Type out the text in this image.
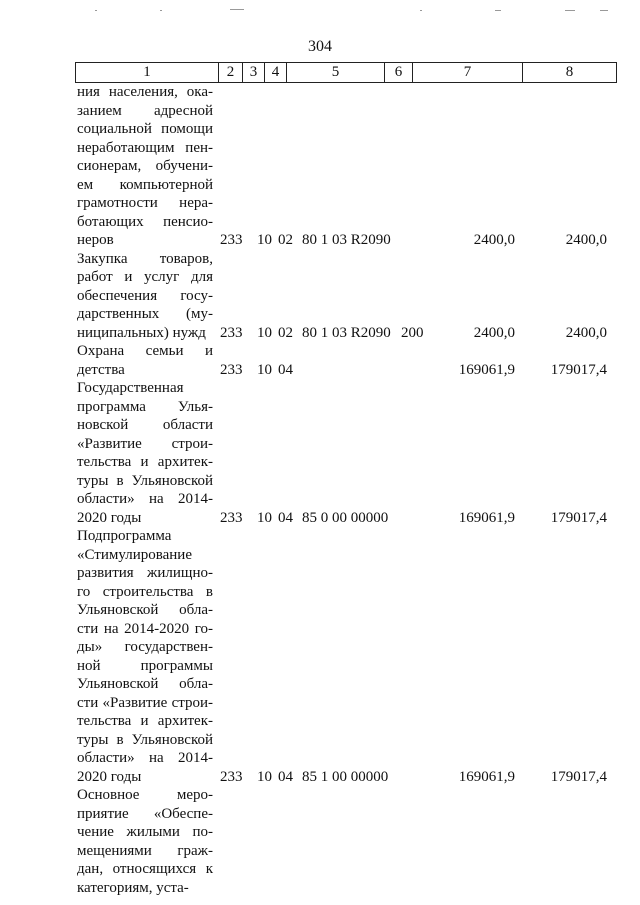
304
1	2	3 4	5	6	7	8
ния населения, ока-
занием адресной
социальной помощи
неработающим пен-
сионерам, обучени-
ем компьютерной
грамотности нера-
ботающих пенсио-
неров	233 10 02 80 1 03 R2090	2400,0	2400,0
Закупка товаров,
работ и услуг для
обеспечения госу-
дарственных (му-
ниципальных) нужд 233 10 02 80 1 03 R2090 200	2400,0	2400,0
Охрана семьи и
детства	233 10 04	169061,9 179017,4
Государственная
программа Улья-
новской области
«Развитие строи-
тельства и архитек-
туры в Ульяновской
области» на 2014-
2020 годы	233 10 04 85 0 00 00000	169061,9 179017,4
Подпрограмма
«Стимулирование
развития жилищно-
го строительства в
Ульяновской обла-
сти на 2014-2020 го-
ды» государствен-
ной программы
Ульяновской обла-
сти «Развитие строи-
тельства и архитек-
туры в Ульяновской
области» на 2014-
2020 годы	233 10 04 85 1 00 00000	169061,9 179017,4
Основное меро-
приятие «Обеспе-
чение жилыми по-
мещениями граж-
дан, относящихся к
категориям, уста-
